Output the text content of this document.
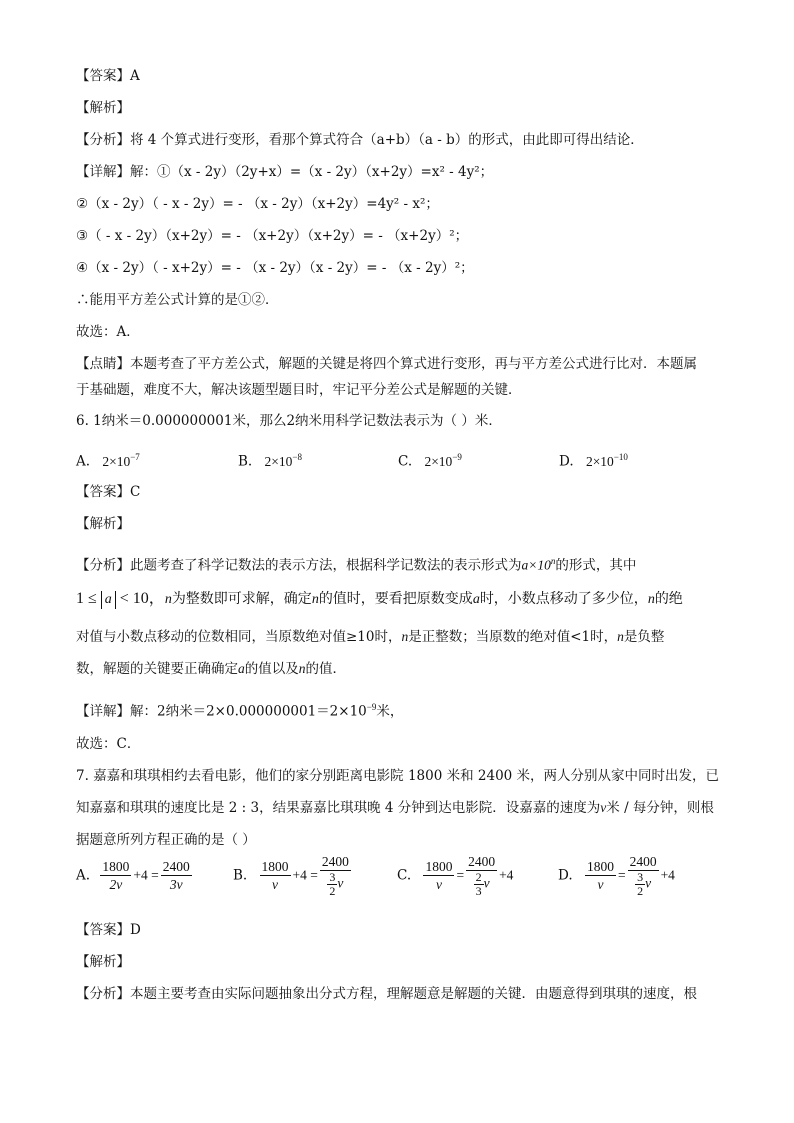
【答案】A
【解析】
【分析】将 4 个算式进行变形，看那个算式符合（a+b）（a - b）的形式，由此即可得出结论．
【详解】解：①（x - 2y）（2y+x）=（x - 2y）（x+2y）=x² - 4y²；
②（x - 2y）（ - x - 2y）= - （x - 2y）（x+2y）=4y² - x²；
③（ - x - 2y）（x+2y）= - （x+2y）（x+2y）= - （x+2y）²；
④（x - 2y）（ - x+2y）= - （x - 2y）（x - 2y）= - （x - 2y）²；
∴能用平方差公式计算的是①②．
故选：A．
【点睛】本题考查了平方差公式，解题的关键是将四个算式进行变形，再与平方差公式进行比对．本题属
于基础题，难度不大，解决该题型题目时，牢记平分差公式是解题的关键．
6. 1纳米＝0.000000001米，那么2纳米用科学记数法表示为（ ）米．
A. $2\times 10^{-7}$	B. $2\times 10^{-8}$	C. $2\times 10^{-9}$	D. $2\times 10^{-10}$
【答案】C
【解析】
【分析】此题考查了科学记数法的表示方法，根据科学记数法的表示形式为$a\times 10^n$的形式，其中
1 ≤ a < 10，n为整数即可求解，确定n的值时，要看把原数变成a时，小数点移动了多少位，n的绝
对值与小数点移动的位数相同，当原数绝对值≥10时，n是正整数；当原数的绝对值<1时，n是负整
数，解题的关键要正确确定a的值以及n的值．
【详解】解：2纳米$=2\times 0.000000001=2\times 10^{-9}$米，
故选：C．
7. 嘉嘉和琪琪相约去看电影，他们的家分别距离电影院 1800 米和 2400 米，两人分别从家中同时出发，已
知嘉嘉和琪琪的速度比是 2 : 3，结果嘉嘉比琪琪晚 4 分钟到达电影院．设嘉嘉的速度为v米 / 每分钟，则根
据题意所列方程正确的是（ ）
A. $\frac{1800}{2v} +4 = \frac{2400}{3v}$	B. $\frac{1800}{v} +4 = \frac{2400}{\frac{3}{2} v}$	C. $\frac{1800}{v} = \frac{2400}{\frac{2}{3} v} +4$	D. $\frac{1800}{v} = \frac{2400}{\frac{3}{2} v} +4$
【答案】D
【解析】
【分析】本题主要考查由实际问题抽象出分式方程，理解题意是解题的关键．由题意得到琪琪的速度，根
